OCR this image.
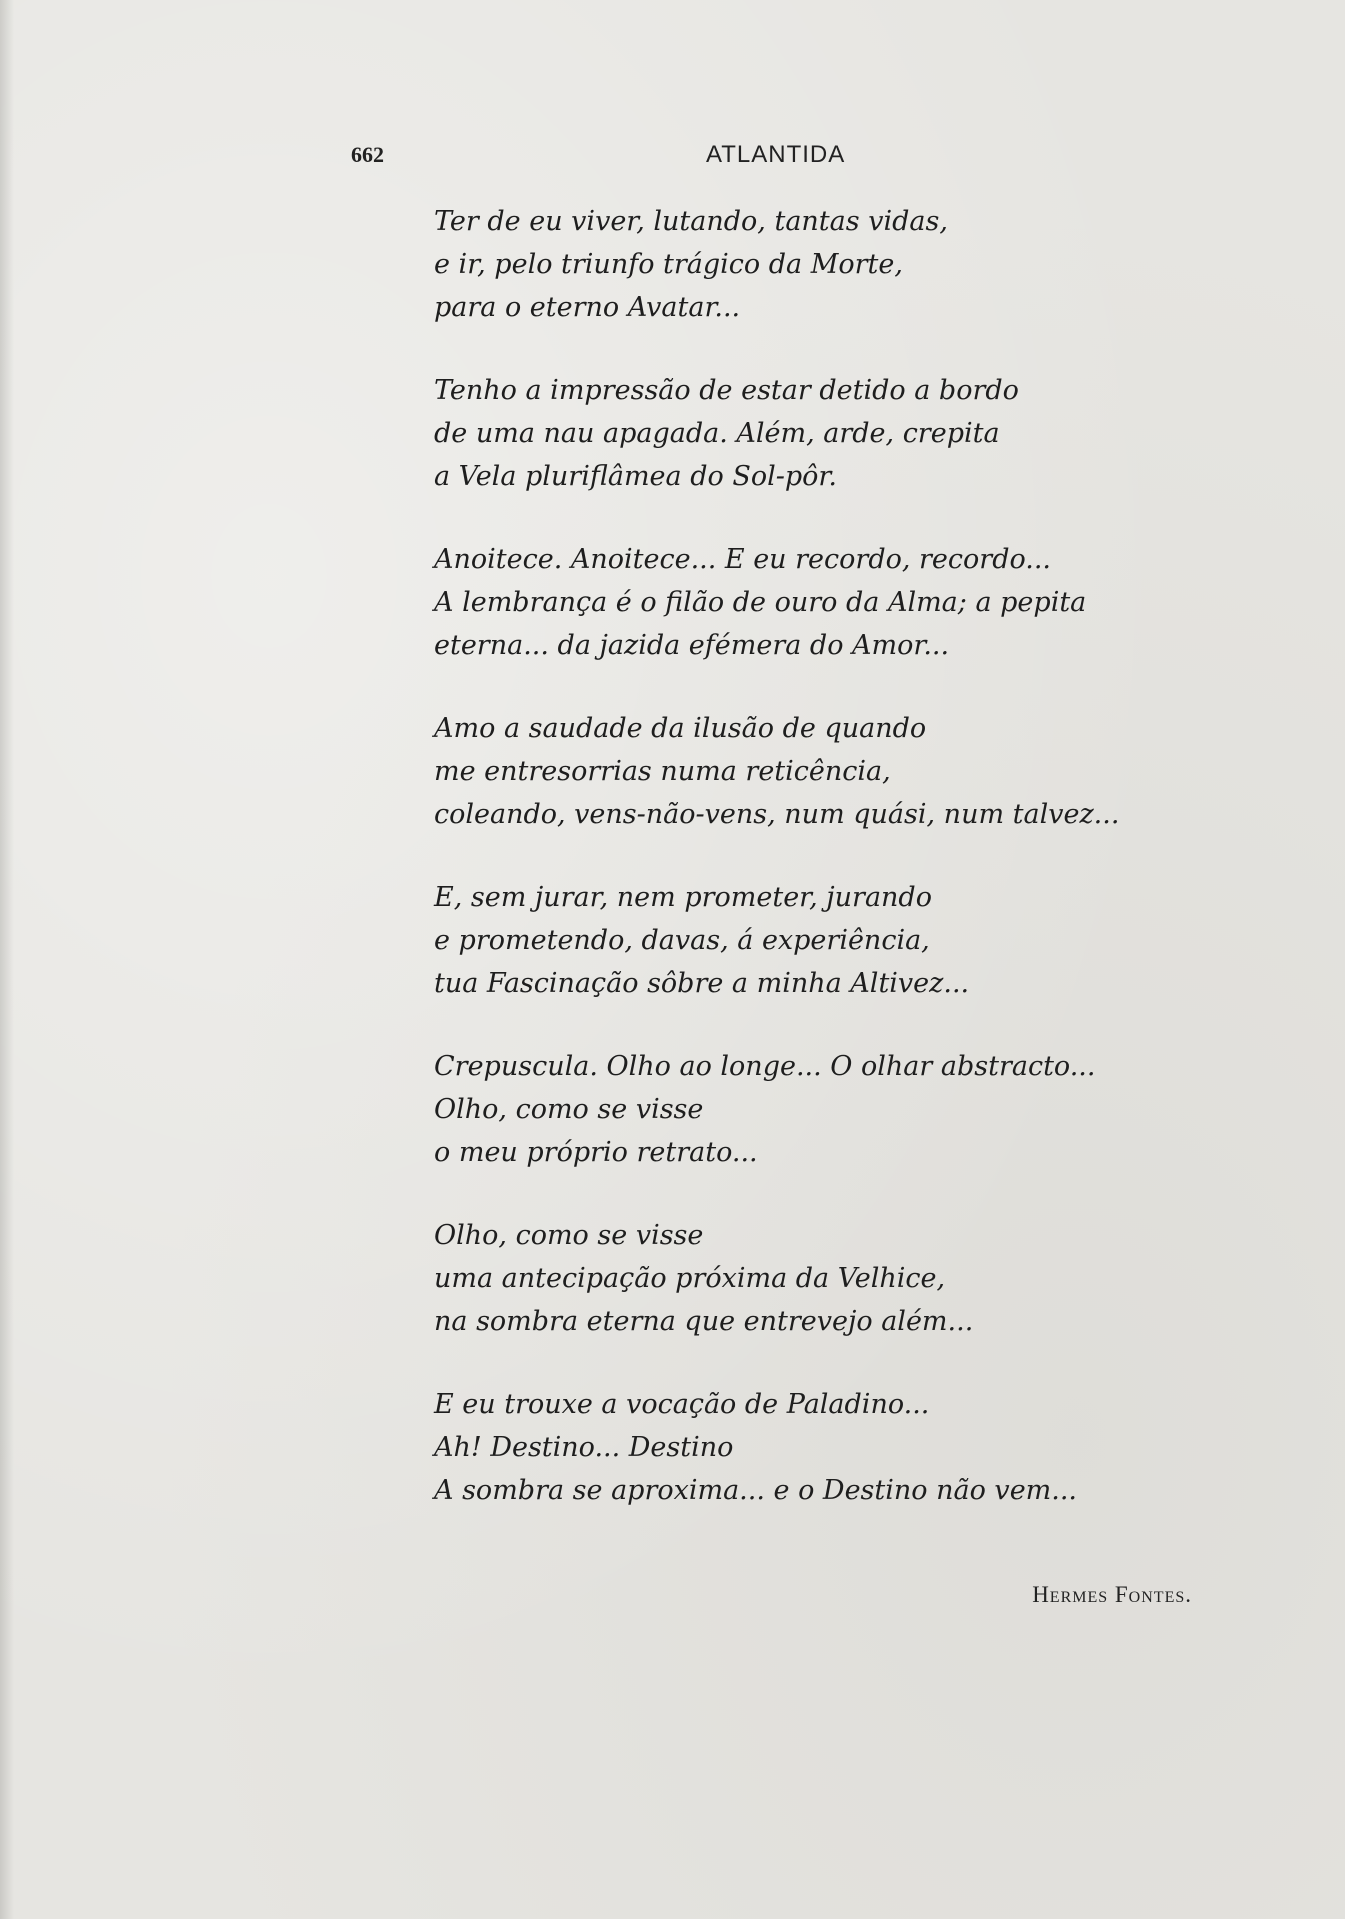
662	ATLANTIDA
Ter de eu viver, lutando, tantas vidas,
e ir, pelo triunfo trágico da Morte,
para o eterno Avatar...
Tenho a impressão de estar detido a bordo
de uma nau apagada. Além, arde, crepita
a Vela pluriflâmea do Sol-pôr.
Anoitece. Anoitece... E eu recordo, recordo...
A lembrança é o filão de ouro da Alma; a pepita
eterna... da jazida efémera do Amor...
Amo a saudade da ilusão de quando
me entresorrias numa reticência,
coleando, vens-não-vens, num quási, num talvez...
E, sem jurar, nem prometer, jurando
e prometendo, davas, á experiência,
tua Fascinação sôbre a minha Altivez...
Crepuscula. Olho ao longe... O olhar abstracto...
Olho, como se visse
o meu próprio retrato...
Olho, como se visse
uma antecipação próxima da Velhice,
na sombra eterna que entrevejo além...
E eu trouxe a vocação de Paladino...
Ah! Destino... Destino
A sombra se aproxima... e o Destino não vem...
Hermes Fontes.
